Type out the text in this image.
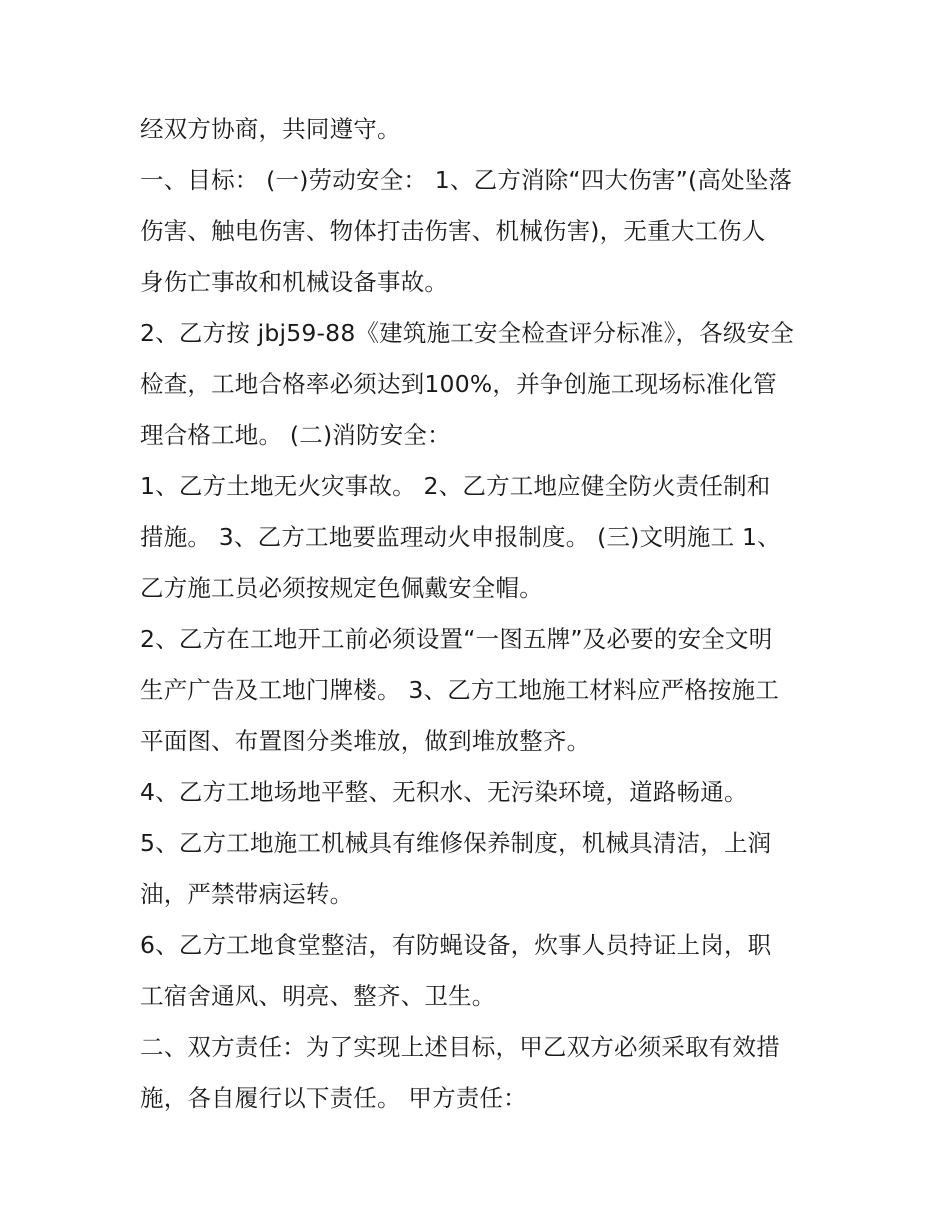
经双方协商，共同遵守。
一、目标： (一)劳动安全： 1、乙方消除“四大伤害”(高处坠落
伤害、触电伤害、物体打击伤害、机械伤害)，无重大工伤人
身伤亡事故和机械设备事故。
2、乙方按 jbj59-88《建筑施工安全检查评分标准》，各级安全
检查，工地合格率必须达到100%，并争创施工现场标准化管
理合格工地。 (二)消防安全：
1、乙方土地无火灾事故。 2、乙方工地应健全防火责任制和
措施。 3、乙方工地要监理动火申报制度。 (三)文明施工 1、
乙方施工员必须按规定色佩戴安全帽。
2、乙方在工地开工前必须设置“一图五牌”及必要的安全文明
生产广告及工地门牌楼。 3、乙方工地施工材料应严格按施工
平面图、布置图分类堆放，做到堆放整齐。
4、乙方工地场地平整、无积水、无污染环境，道路畅通。
5、乙方工地施工机械具有维修保养制度，机械具清洁，上润
油，严禁带病运转。
6、乙方工地食堂整洁，有防蝇设备，炊事人员持证上岗，职
工宿舍通风、明亮、整齐、卫生。
二、双方责任：为了实现上述目标，甲乙双方必须采取有效措
施，各自履行以下责任。 甲方责任：
